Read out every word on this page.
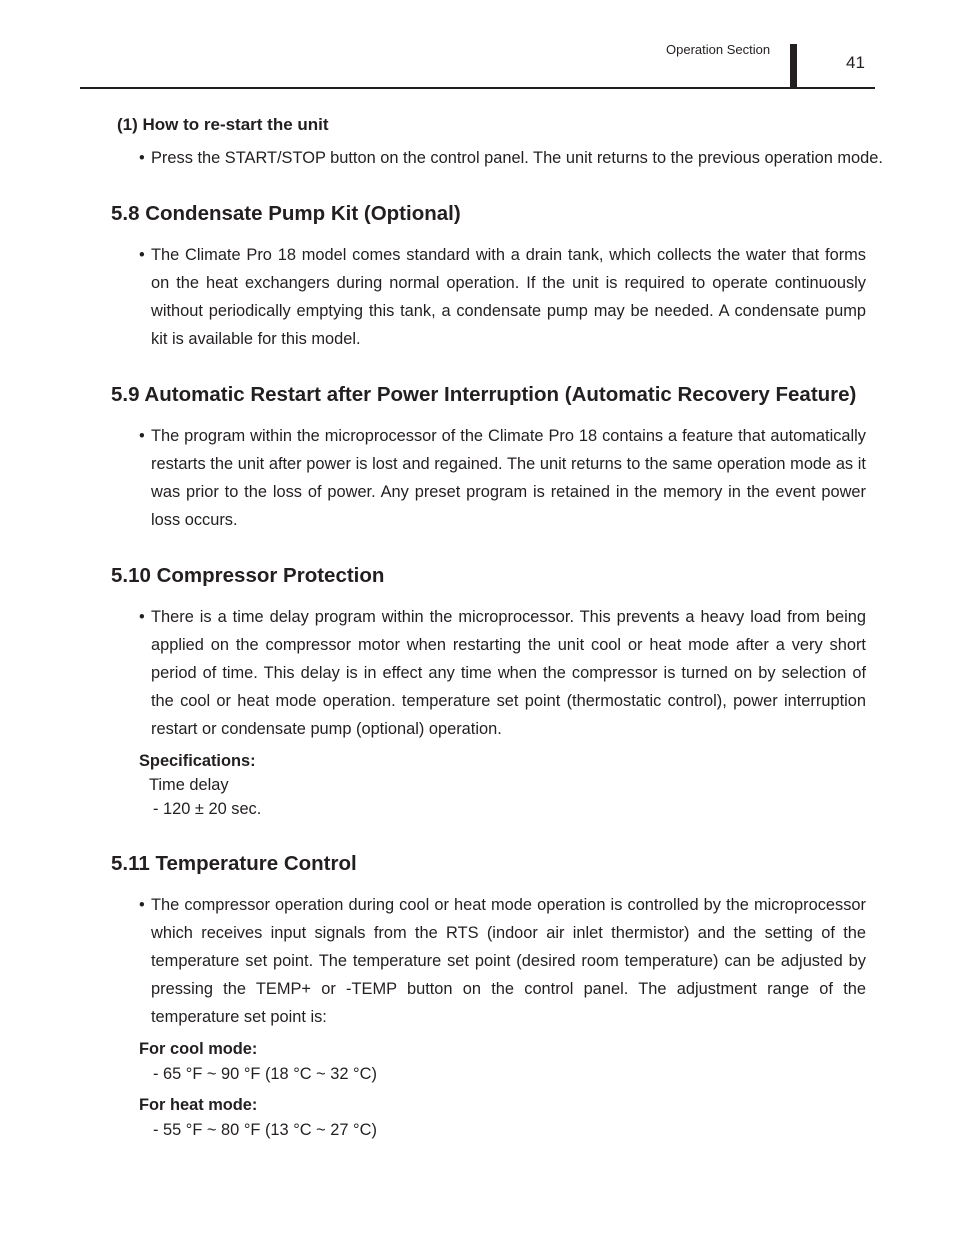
Operation Section
41
(1) How to re-start the unit
• Press the START/STOP button on the control panel. The unit returns to the previous operation mode.

5.8 Condensate Pump Kit (Optional)
• The Climate Pro 18 model comes standard with a drain tank, which collects the water that forms on the heat exchangers during normal operation. If the unit is required to operate continuously without periodically emptying this tank, a condensate pump may be needed. A condensate pump kit is available for this model.

5.9 Automatic Restart after Power Interruption (Automatic Recovery Feature)
• The program within the microprocessor of the Climate Pro 18 contains a feature that automatically restarts the unit after power is lost and regained. The unit returns to the same operation mode as it was prior to the loss of power. Any preset program is retained in the memory in the event power loss occurs.

5.10 Compressor Protection
• There is a time delay program within the microprocessor. This prevents a heavy load from being applied on the compressor motor when restarting the unit cool or heat mode after a very short period of time. This delay is in effect any time when the compressor is turned on by selection of the cool or heat mode operation. temperature set point (thermostatic control), power interruption restart or condensate pump (optional) operation.

Specifications:
Time delay
- 120 ± 20 sec.
5.11 Temperature Control
• The compressor operation during cool or heat mode operation is controlled by the microprocessor which receives input signals from the RTS (indoor air inlet thermistor) and the setting of the temperature set point. The temperature set point (desired room temperature) can be adjusted by pressing the TEMP+ or -TEMP button on the control panel. The adjustment range of the temperature set point is:

For cool mode:
- 65 °F ~ 90 °F (18 °C ~ 32 °C)
For heat mode:
- 55 °F ~ 80 °F (13 °C ~ 27 °C)
